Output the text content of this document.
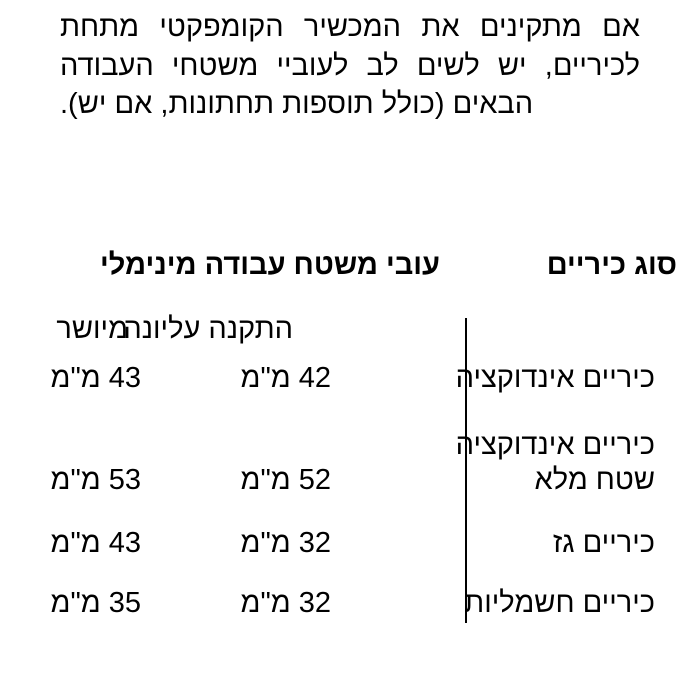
אם מתקינים את המכשיר הקומפקטי מתחת
לכיריים, יש לשים לב לעוביי משטחי העבודה
הבאים (כולל תוספות תחתונות, אם יש).
סוג כיריים
עובי משטח עבודה מינימלי
התקנה עליונה
מיושר
כיריים אינדוקציה
42 מ"מ
43 מ"מ
כיריים אינדוקציה
שטח מלא
52 מ"מ
53 מ"מ
כיריים גז
32 מ"מ
43 מ"מ
כיריים חשמליות
32 מ"מ
35 מ"מ
